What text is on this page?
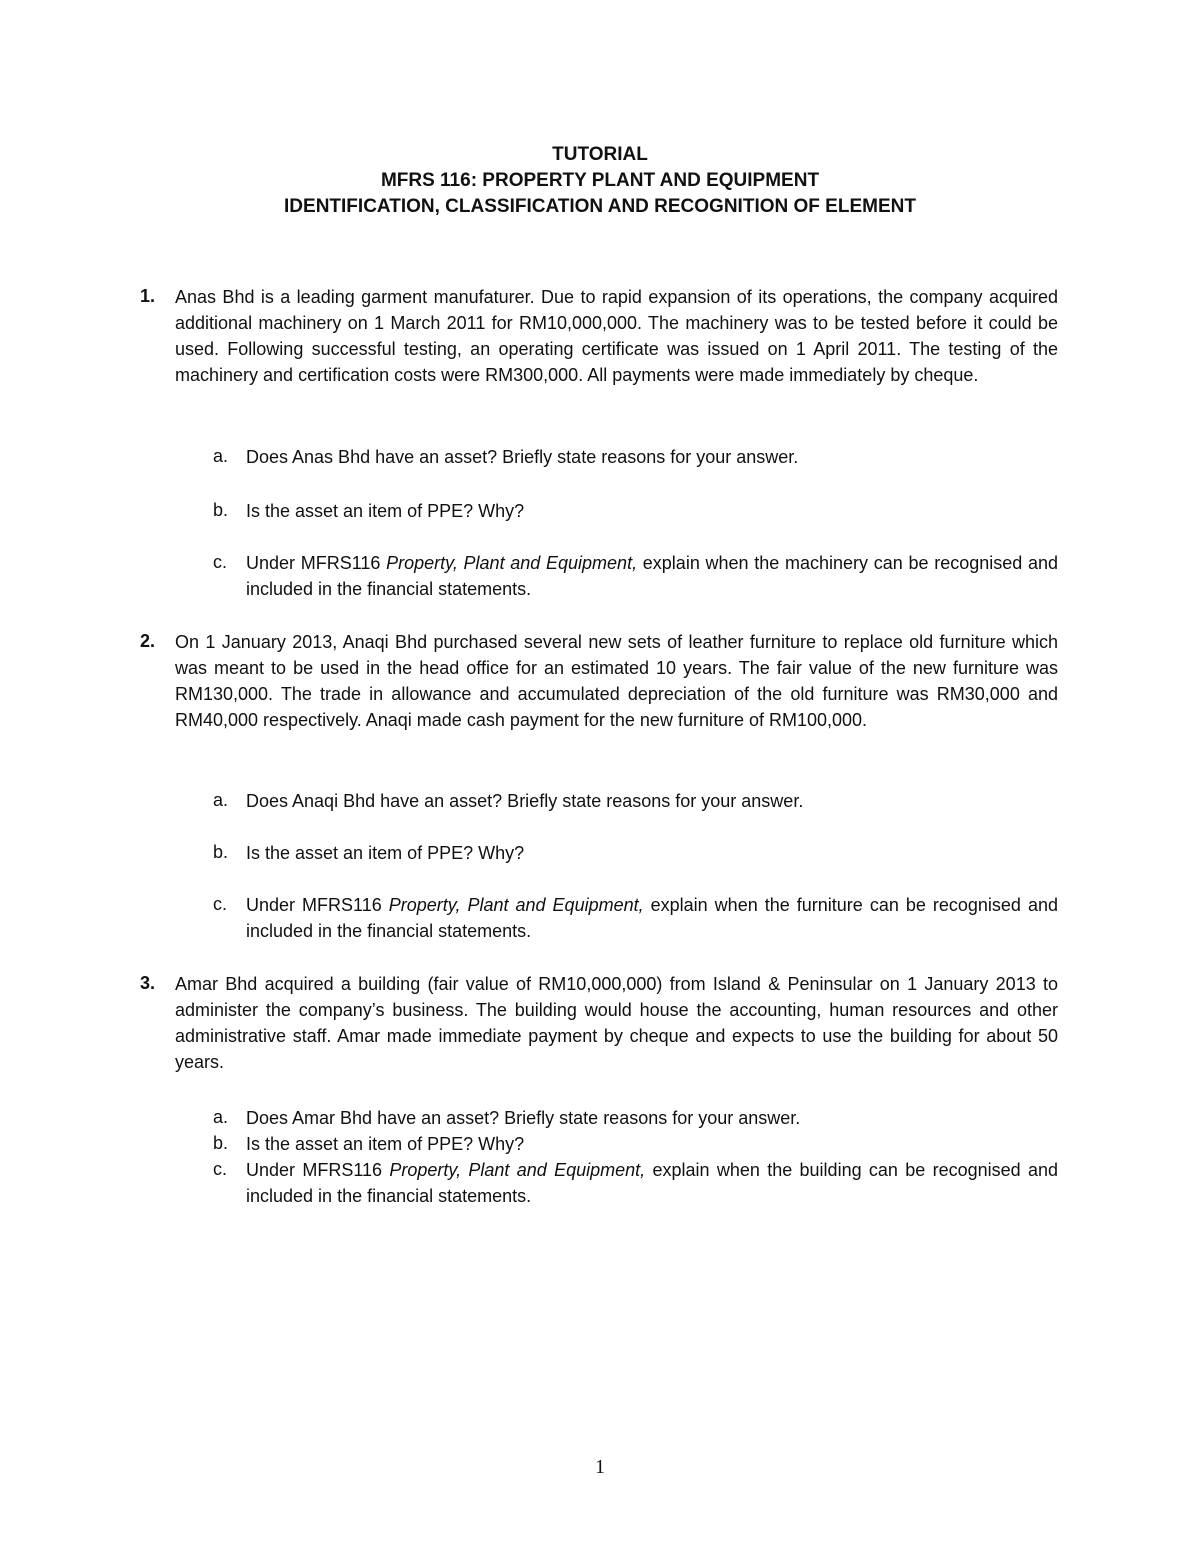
TUTORIAL
MFRS 116: PROPERTY PLANT AND EQUIPMENT
IDENTIFICATION, CLASSIFICATION AND RECOGNITION OF ELEMENT
1. Anas Bhd is a leading garment manufaturer. Due to rapid expansion of its operations, the company acquired additional machinery on 1 March 2011 for RM10,000,000. The machinery was to be tested before it could be used. Following successful testing, an operating certificate was issued on 1 April 2011. The testing of the machinery and certification costs were RM300,000. All payments were made immediately by cheque.
a. Does Anas Bhd have an asset? Briefly state reasons for your answer.
b. Is the asset an item of PPE? Why?
c. Under MFRS116 Property, Plant and Equipment, explain when the machinery can be recognised and included in the financial statements.
2. On 1 January 2013, Anaqi Bhd purchased several new sets of leather furniture to replace old furniture which was meant to be used in the head office for an estimated 10 years. The fair value of the new furniture was RM130,000. The trade in allowance and accumulated depreciation of the old furniture was RM30,000 and RM40,000 respectively. Anaqi made cash payment for the new furniture of RM100,000.
a. Does Anaqi Bhd have an asset? Briefly state reasons for your answer.
b. Is the asset an item of PPE? Why?
c. Under MFRS116 Property, Plant and Equipment, explain when the furniture can be recognised and included in the financial statements.
3. Amar Bhd acquired a building (fair value of RM10,000,000) from Island & Peninsular on 1 January 2013 to administer the company’s business. The building would house the accounting, human resources and other administrative staff. Amar made immediate payment by cheque and expects to use the building for about 50 years.
a. Does Amar Bhd have an asset? Briefly state reasons for your answer.
b. Is the asset an item of PPE? Why?
c. Under MFRS116 Property, Plant and Equipment, explain when the building can be recognised and included in the financial statements.
1
